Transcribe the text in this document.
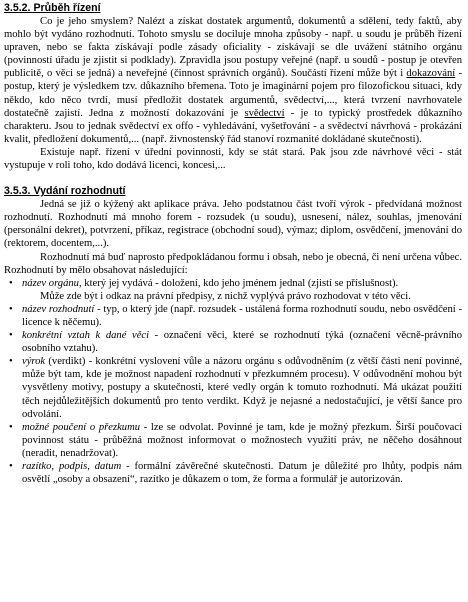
3.5.2. Průběh řízení

Co je jeho smyslem? Nalézt a získat dostatek argumentů, dokumentů a sdělení, tedy faktů, aby mohlo být vydáno rozhodnutí. Tohoto smyslu se dociluje mnoha způsoby - např. u soudu je průběh řízení upraven, nebo se fakta získávají podle zásady oficiality - získávají se dle uvážení státního orgánu (povinností úřadu je zjistit si podklady). Zpravidla jsou postupy veřejné (např. u soudů - postup je otevřen publicitě, o věci se jedná) a neveřejné (činnost správních orgánů). Součástí řízení může být i dokazování - postup, který je výsledkem tzv. důkazního břemena. Toto je imaginární pojem pro filozofickou situaci, kdy někdo, kdo něco tvrdí, musí předložit dostatek argumentů, svědectví,..., která tvrzení navrhovatele dostatečně zajistí. Jedna z možností dokazování je svědectví - je to typický prostředek důkazního charakteru. Jsou to jednak svědectví ex offo - vyhledávání, vyšetřování - a svědectví návrhová - prokázání kvalit, předložení dokumentů,... (např. živnostenský řád stanoví rozmanité dokládané skutečnosti).

Existuje např. řízení v úřední povinnosti, kdy se stát stará. Pak jsou zde návrhové věci - stát vystupuje v roli toho, kdo dodává licenci, koncesi,...

3.5.3. Vydání rozhodnutí

Jedná se již o kýžený akt aplikace práva. Jeho podstatnou část tvoří výrok - předvídaná možnost rozhodnutí. Rozhodnutí má mnoho forem - rozsudek (u soudu), usnesení, nález, souhlas, jmenování (personální dekret), potvrzení, příkaz, registrace (obchodní soud), výmaz; diplom, osvědčení, jmenování do (rektorem, docentem,...).

Rozhodnutí má buď naprosto předpokládanou formu i obsah, nebo je obecná, či není určena vůbec. Rozhodnutí by mělo obsahovat následující:

• název orgánu, který jej vydává - doložení, kdo jeho jménem jednal (zjistí se příslušnost).
Může zde být i odkaz na právní předpisy, z nichž vyplývá právo rozhodovat v této věci.
• název rozhodnutí - typ, o který jde (např. rozsudek - ustálená forma rozhodnutí soudu, nebo osvědčení - licence k něčemu).
• konkrétní vztah k dané věci - označení věci, které se rozhodnutí týká (označení věcně-právního osobního vztahu).
• výrok (verdikt) - konkrétní vyslovení vůle a názoru orgánu s odůvodněním (z větší části není povinné, může být tam, kde je možnost napadení rozhodnutí v přezkumném procesu). V odůvodnění mohou být vysvětleny motivy, postupy a skutečnosti, které vedly orgán k tomuto rozhodnutí. Má ukázat použití těch nejdůležitějších dokumentů pro tento verdikt. Když je nejasné a nedostačující, je větší šance pro odvolání.
• možné poučení o přezkumu - lze se odvolat. Povinné je tam, kde je možný přezkum. Širší poučovací povinnost státu - průběžná možnost informovat o možnostech využití práv, ne něčeho dosáhnout (neradit, nenadržovat).
• razítko, podpis, datum - formální závěrečné skutečnosti. Datum je důležité pro lhůty, podpis nám osvětlí „osoby a obsazení“, razítko je důkazem o tom, že forma a formulář je autorizován.
